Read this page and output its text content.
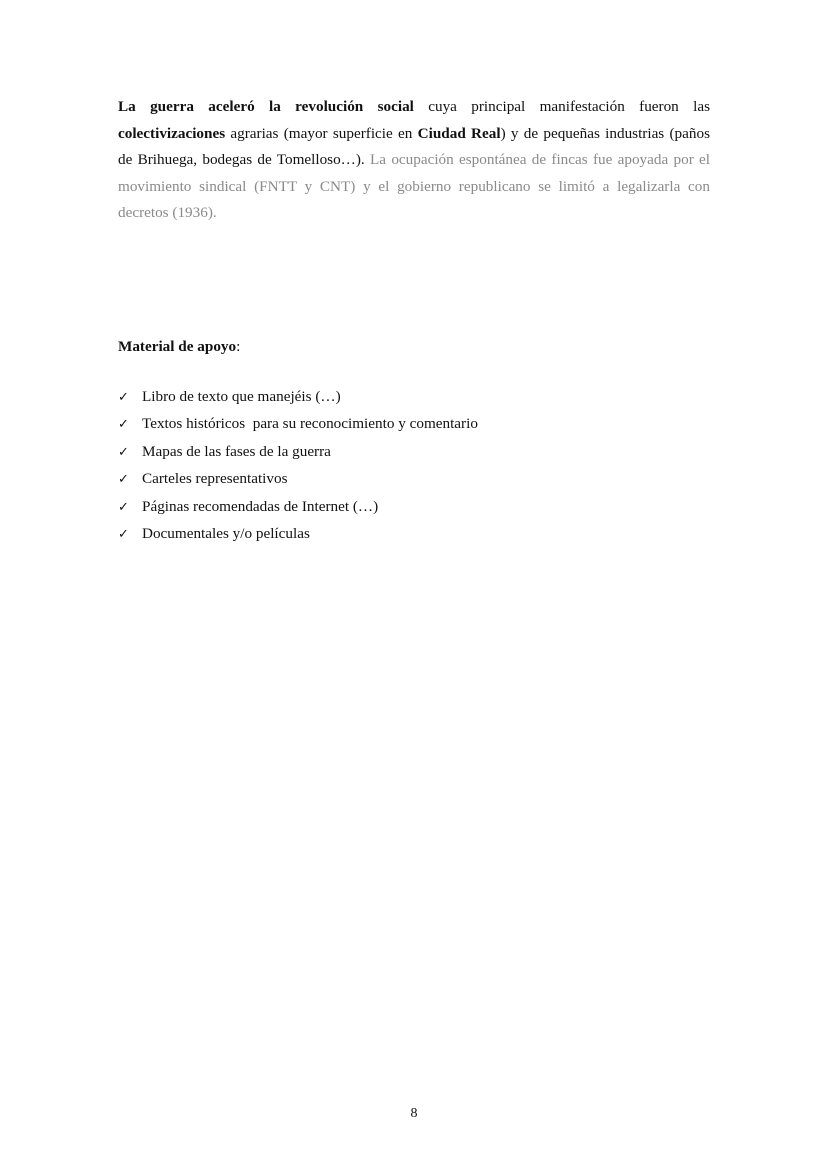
La guerra aceleró la revolución social cuya principal manifestación fueron las colectivizaciones agrarias (mayor superficie en Ciudad Real) y de pequeñas industrias (paños de Brihuega, bodegas de Tomelloso…). La ocupación espontánea de fincas fue apoyada por el movimiento sindical (FNTT y CNT) y el gobierno republicano se limitó a legalizarla con decretos (1936).

Material de apoyo:

✓ Libro de texto que manejéis (…)
✓ Textos históricos  para su reconocimiento y comentario
✓ Mapas de las fases de la guerra
✓ Carteles representativos
✓ Páginas recomendadas de Internet (…)
✓ Documentales y/o películas
8
